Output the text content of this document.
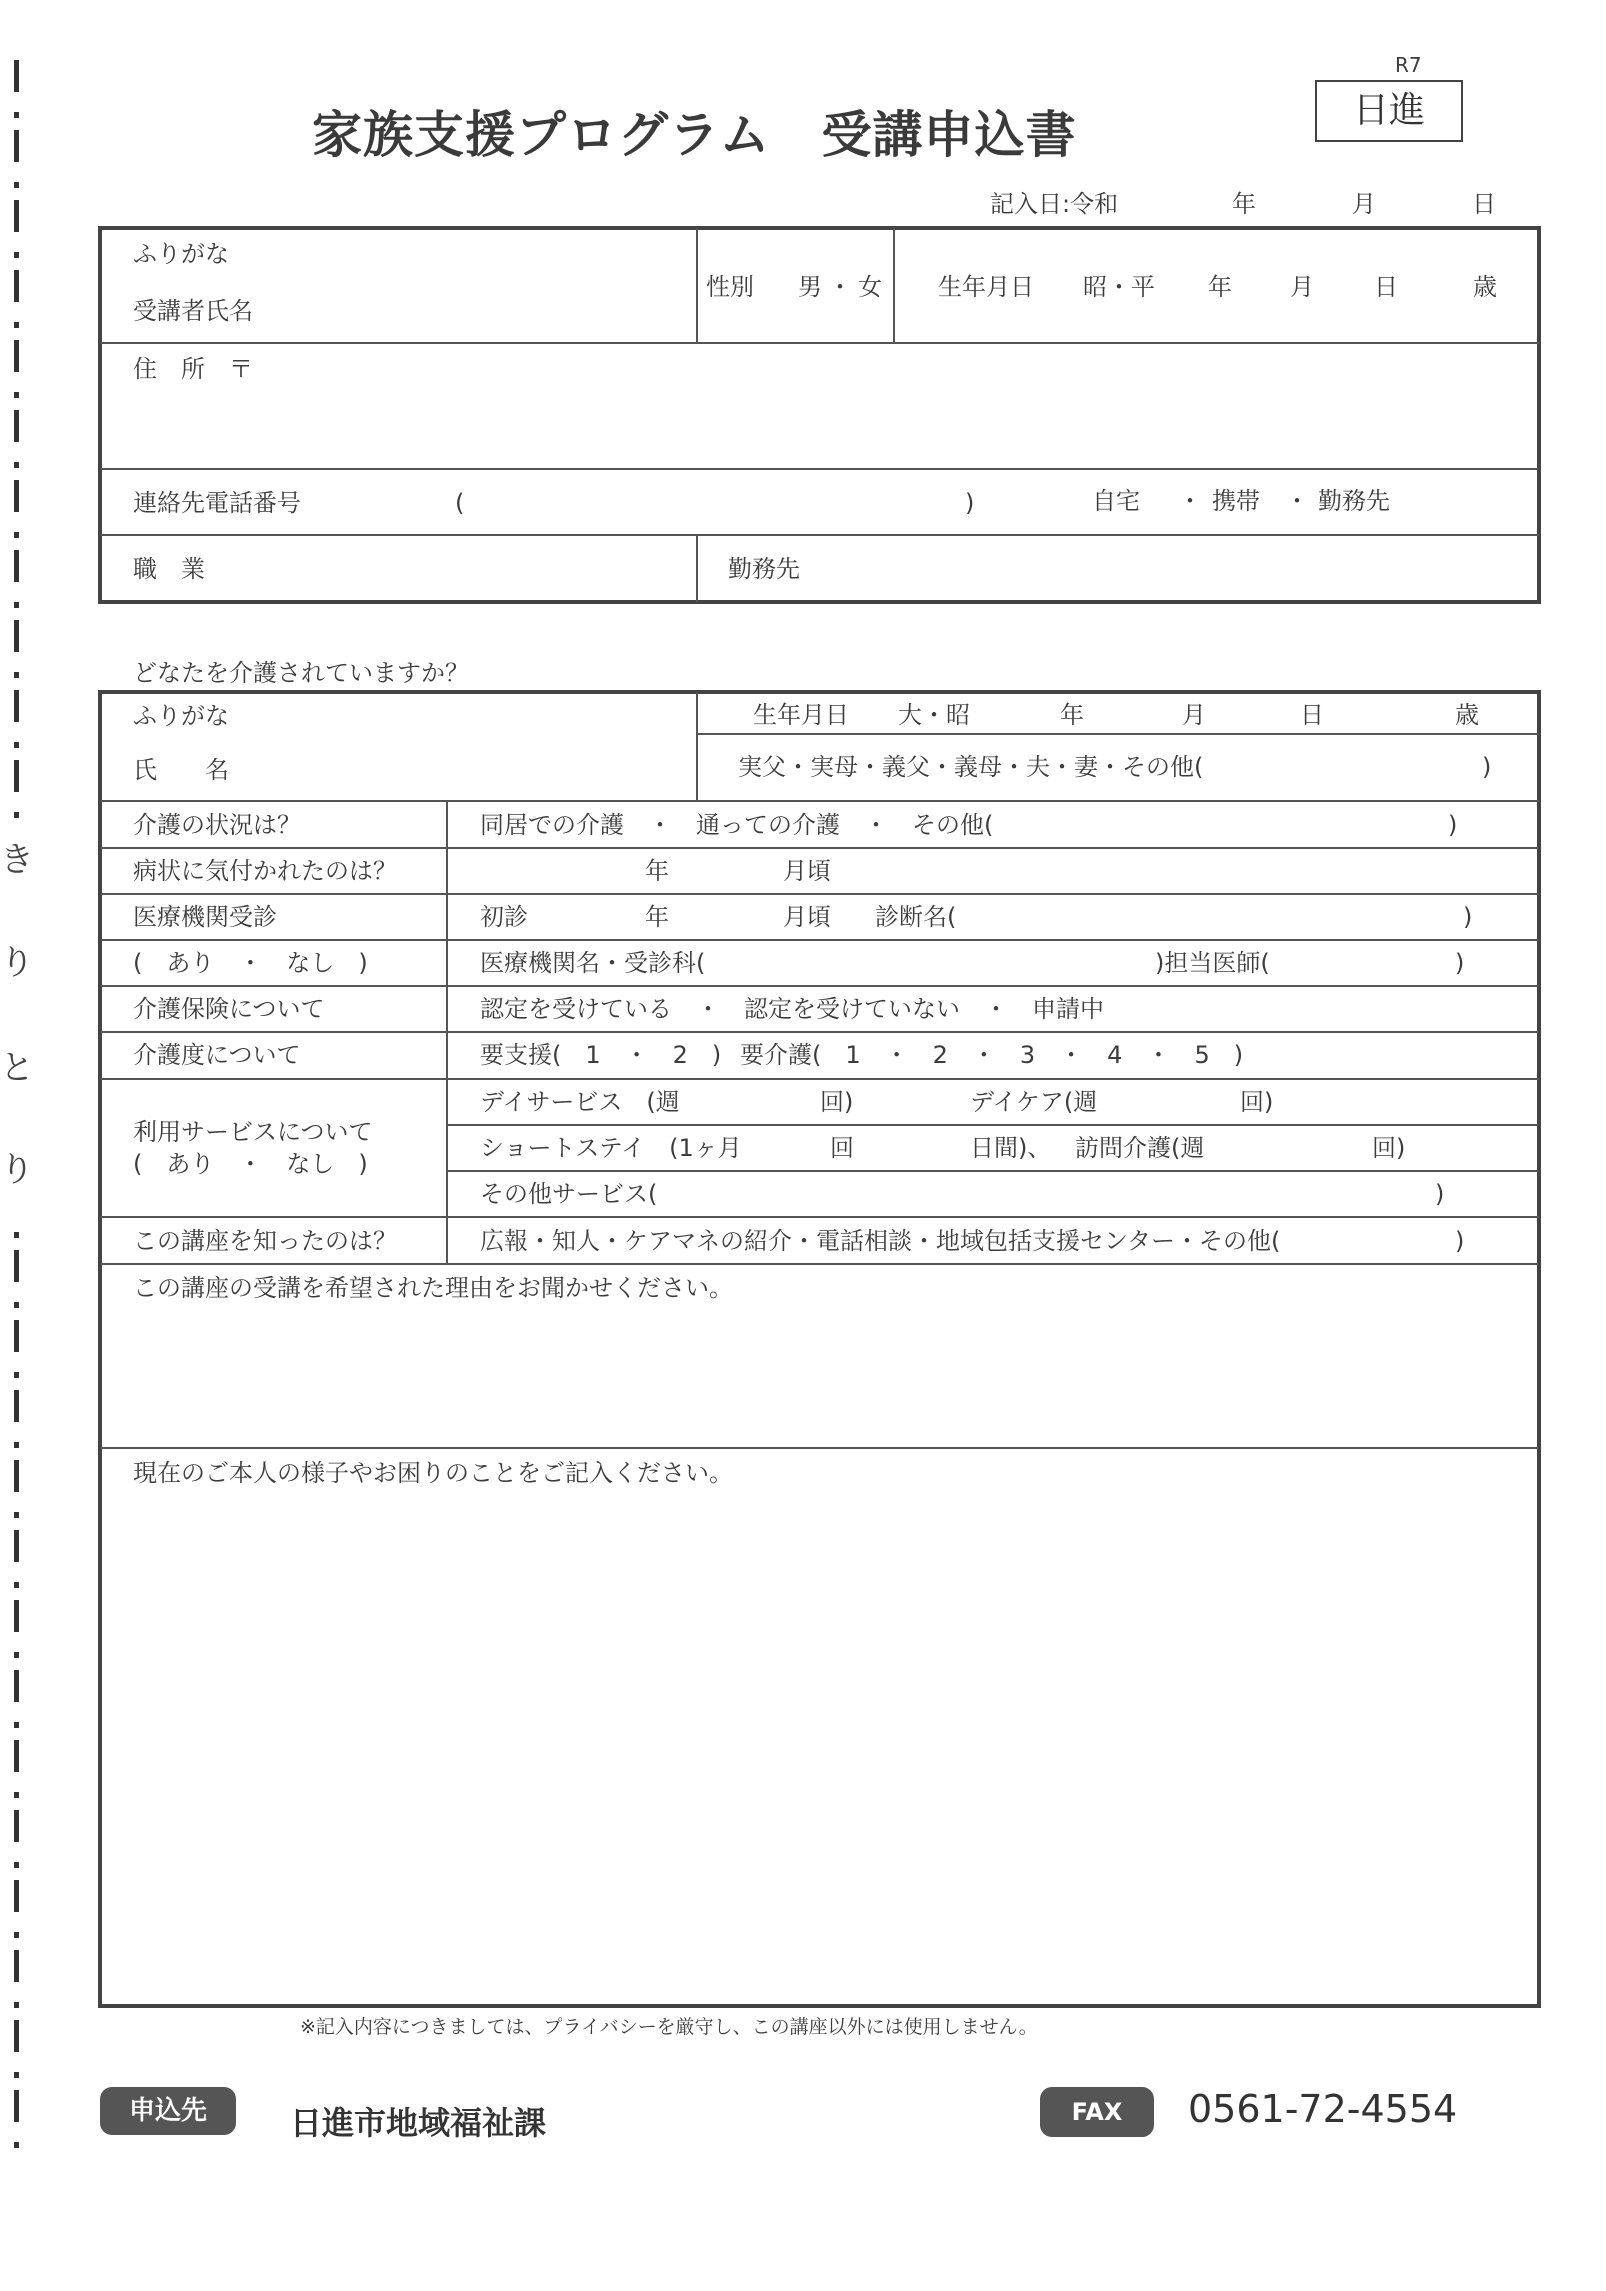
き
り
と
り
R7
日進
家族支援プログラム　受講申込書
記入日:令和	年	月	日
ふりがな
受講者氏名
性別 男・女 生年月日 昭・平 年 月	日	歳
住　所　〒
連絡先電話番号	(	)	自宅 ・ 携帯 ・ 勤務先
職　業	勤務先
どなたを介護されていますか？
ふりがな
氏　　名
生年月日 大・昭	年	月	日	歳
実父・実母・義父・義母・夫・妻・その他(	)
介護の状況は？	同居での介護　・　通っての介護　・　その他(	)
病状に気付かれたのは？	年	月頃
医療機関受診	初診	年	月頃 診断名(	)
(　あり　・　なし　)	医療機関名・受診科(	)担当医師(	)
介護保険について	認定を受けている　・　認定を受けていない　・　申請中
介護度について	要支援(　1　・　2　) 要介護(　1　・　2　・　3　・　4　・　5　)
利用サービスについて
(　あり　・　なし　)
デイサービス　(週	回)	デイケア(週	回)
ショートステイ　(1ヶ月	回	日間)、 訪問介護(週	回)
その他サービス(	)
この講座を知ったのは？	広報・知人・ケアマネの紹介・電話相談・地域包括支援センター・その他(	)
この講座の受講を希望された理由をお聞かせください。
現在のご本人の様子やお困りのことをご記入ください。
※記入内容につきましては、プライバシーを厳守し、この講座以外には使用しません。
申込先	日進市地域福祉課	FAX	0561-72-4554
